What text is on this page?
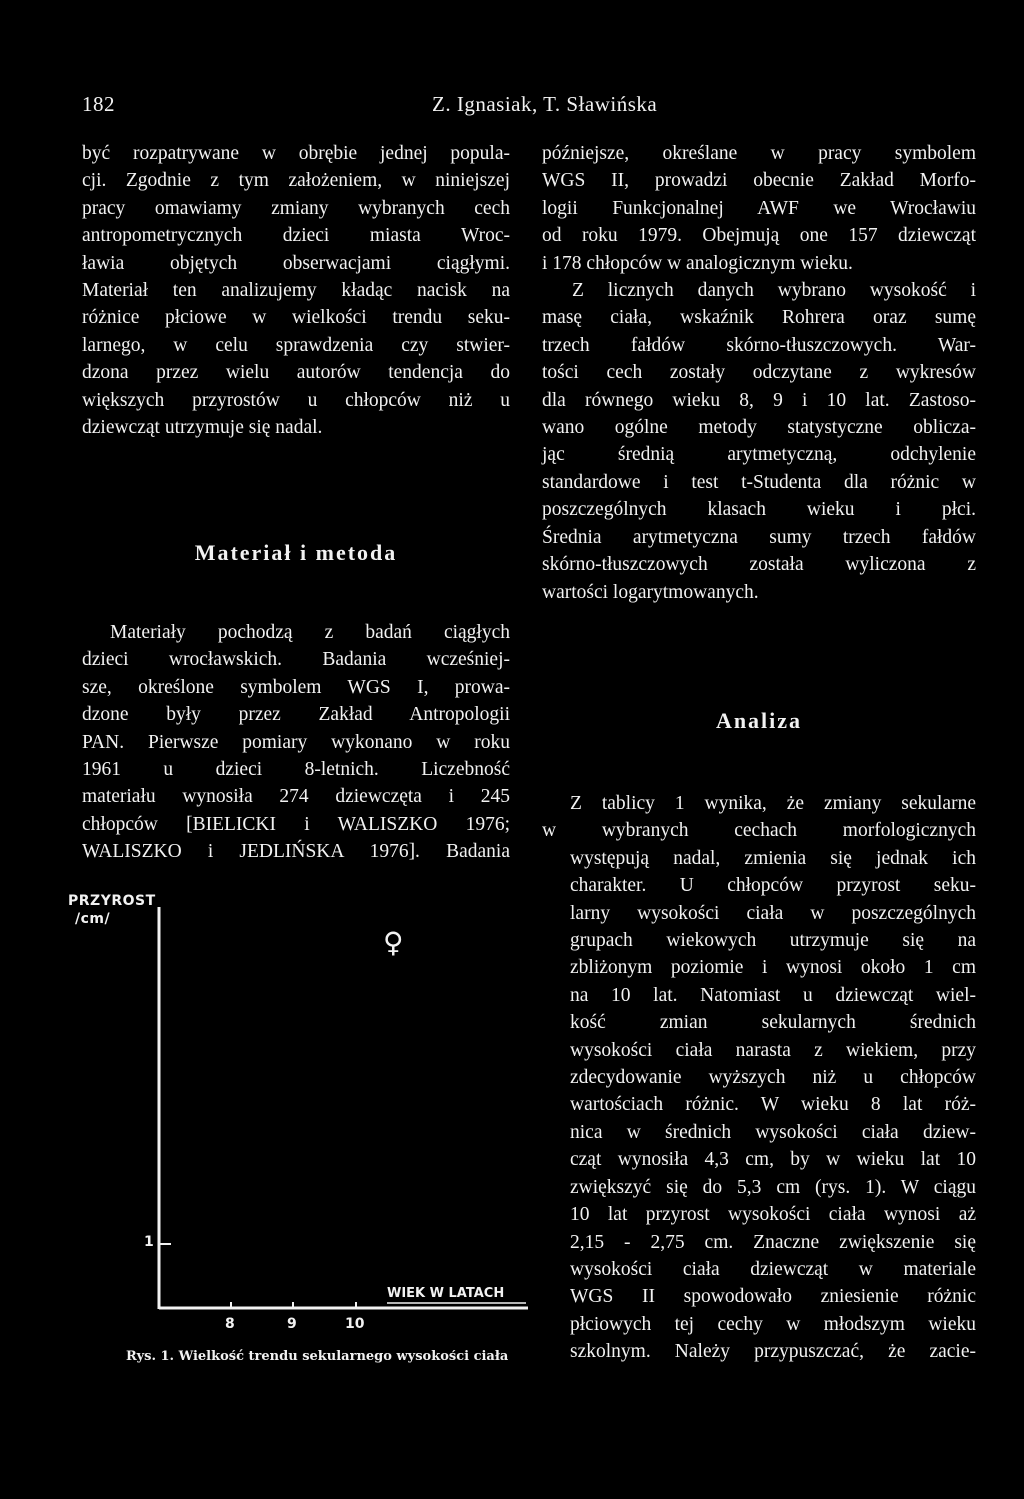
182	Z. Ignasiak, T. Sławińska
być rozpatrywane w obrębie jednej popula-
cji. Zgodnie z tym założeniem, w niniejszej
pracy omawiamy zmiany wybranych cech
antropometrycznych dzieci miasta Wroc-
ławia objętych obserwacjami ciągłymi.
Materiał ten analizujemy kładąc nacisk na
różnice płciowe w wielkości trendu seku-
larnego, w celu sprawdzenia czy stwier-
dzona przez wielu autorów tendencja do
większych przyrostów u chłopców niż u
dziewcząt utrzymuje się nadal.
Materiał i metoda
Materiały pochodzą z badań ciągłych
dzieci wrocławskich. Badania wcześniej-
sze, określone symbolem WGS I, prowa-
dzone były przez Zakład Antropologii
PAN. Pierwsze pomiary wykonano w roku
1961 u dzieci 8-letnich. Liczebność
materiału wynosiła 274 dziewczęta i 245
chłopców [BIELICKI i WALISZKO 1976;
WALISZKO i JEDLIŃSKA 1976]. Badania
PRZYROST
/cm/
1
♀
WIEK W LATACH
8	9	10
Rys. 1. Wielkość trendu sekularnego wysokości ciała
późniejsze, określane w pracy symbolem
WGS II, prowadzi obecnie Zakład Morfo-
logii Funkcjonalnej AWF we Wrocławiu
od roku 1979. Obejmują one 157 dziewcząt
i 178 chłopców w analogicznym wieku.
Z licznych danych wybrano wysokość i
masę ciała, wskaźnik Rohrera oraz sumę
trzech fałdów skórno-tłuszczowych. War-
tości cech zostały odczytane z wykresów
dla równego wieku 8, 9 i 10 lat. Zastoso-
wano ogólne metody statystyczne oblicza-
jąc średnią arytmetyczną, odchylenie
standardowe i test t-Studenta dla różnic w
poszczególnych klasach wieku i płci.
Średnia arytmetyczna sumy trzech fałdów
skórno-tłuszczowych została wyliczona z
wartości logarytmowanych.
Analiza
Z tablicy 1 wynika, że zmiany sekularne
w wybranych cechach morfologicznych
występują nadal, zmienia się jednak ich
charakter. U chłopców przyrost seku-
larny wysokości ciała w poszczególnych
grupach wiekowych utrzymuje się na
zbliżonym poziomie i wynosi około 1 cm
na 10 lat. Natomiast u dziewcząt wiel-
kość zmian sekularnych średnich
wysokości ciała narasta z wiekiem, przy
zdecydowanie wyższych niż u chłopców
wartościach różnic. W wieku 8 lat róż-
nica w średnich wysokości ciała dziew-
cząt wynosiła 4,3 cm, by w wieku lat 10
zwiększyć się do 5,3 cm (rys. 1). W ciągu
10 lat przyrost wysokości ciała wynosi aż
2,15 - 2,75 cm. Znaczne zwiększenie się
wysokości ciała dziewcząt w materiale
WGS II spowodowało zniesienie różnic
płciowych tej cechy w młodszym wieku
szkolnym. Należy przypuszczać, że zacie-
